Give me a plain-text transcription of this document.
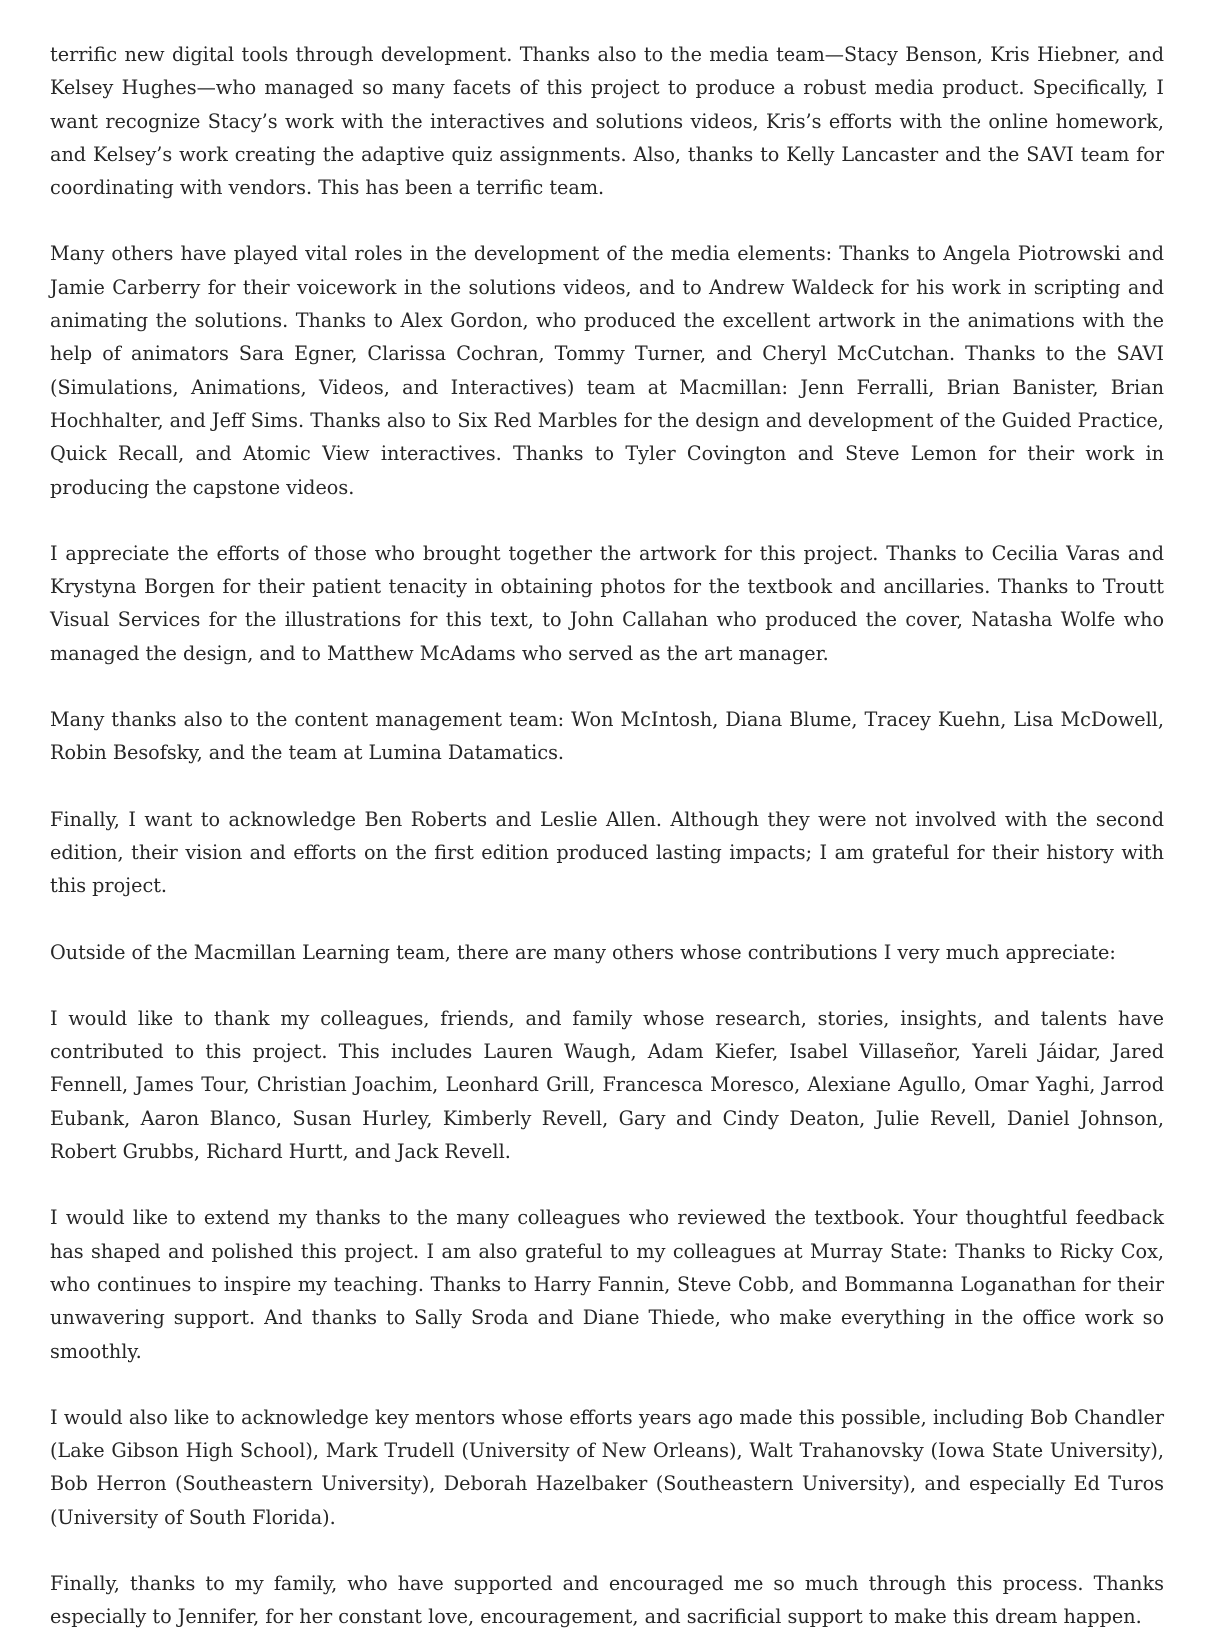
terrific new digital tools through development. Thanks also to the media team—Stacy Benson, Kris Hiebner, and Kelsey Hughes—who managed so many facets of this project to produce a robust media product. Specifically, I want recognize Stacy’s work with the interactives and solutions videos, Kris’s efforts with the online homework, and Kelsey’s work creating the adaptive quiz assignments. Also, thanks to Kelly Lancaster and the SAVI team for coordinating with vendors. This has been a terrific team.

Many others have played vital roles in the development of the media elements: Thanks to Angela Piotrowski and Jamie Carberry for their voicework in the solutions videos, and to Andrew Waldeck for his work in scripting and animating the solutions. Thanks to Alex Gordon, who produced the excellent artwork in the animations with the help of animators Sara Egner, Clarissa Cochran, Tommy Turner, and Cheryl McCutchan. Thanks to the SAVI (Simulations, Animations, Videos, and Interactives) team at Macmillan: Jenn Ferralli, Brian Banister, Brian Hochhalter, and Jeff Sims. Thanks also to Six Red Marbles for the design and development of the Guided Practice, Quick Recall, and Atomic View interactives. Thanks to Tyler Covington and Steve Lemon for their work in producing the capstone videos.

I appreciate the efforts of those who brought together the artwork for this project. Thanks to Cecilia Varas and Krystyna Borgen for their patient tenacity in obtaining photos for the textbook and ancillaries. Thanks to Troutt Visual Services for the illustrations for this text, to John Callahan who produced the cover, Natasha Wolfe who managed the design, and to Matthew McAdams who served as the art manager.

Many thanks also to the content management team: Won McIntosh, Diana Blume, Tracey Kuehn, Lisa McDowell, Robin Besofsky, and the team at Lumina Datamatics.

Finally, I want to acknowledge Ben Roberts and Leslie Allen. Although they were not involved with the second edition, their vision and efforts on the first edition produced lasting impacts; I am grateful for their history with this project.

Outside of the Macmillan Learning team, there are many others whose contributions I very much appreciate:

I would like to thank my colleagues, friends, and family whose research, stories, insights, and talents have contributed to this project. This includes Lauren Waugh, Adam Kiefer, Isabel Villaseñor, Yareli Jáidar, Jared Fennell, James Tour, Christian Joachim, Leonhard Grill, Francesca Moresco, Alexiane Agullo, Omar Yaghi, Jarrod Eubank, Aaron Blanco, Susan Hurley, Kimberly Revell, Gary and Cindy Deaton, Julie Revell, Daniel Johnson, Robert Grubbs, Richard Hurtt, and Jack Revell.

I would like to extend my thanks to the many colleagues who reviewed the textbook. Your thoughtful feedback has shaped and polished this project. I am also grateful to my colleagues at Murray State: Thanks to Ricky Cox, who continues to inspire my teaching. Thanks to Harry Fannin, Steve Cobb, and Bommanna Loganathan for their unwavering support. And thanks to Sally Sroda and Diane Thiede, who make everything in the office work so smoothly.

I would also like to acknowledge key mentors whose efforts years ago made this possible, including Bob Chandler (Lake Gibson High School), Mark Trudell (University of New Orleans), Walt Trahanovsky (Iowa State University), Bob Herron (Southeastern University), Deborah Hazelbaker (Southeastern University), and especially Ed Turos (University of South Florida).

Finally, thanks to my family, who have supported and encouraged me so much through this process. Thanks especially to Jennifer, for her constant love, encouragement, and sacrificial support to make this dream happen.
